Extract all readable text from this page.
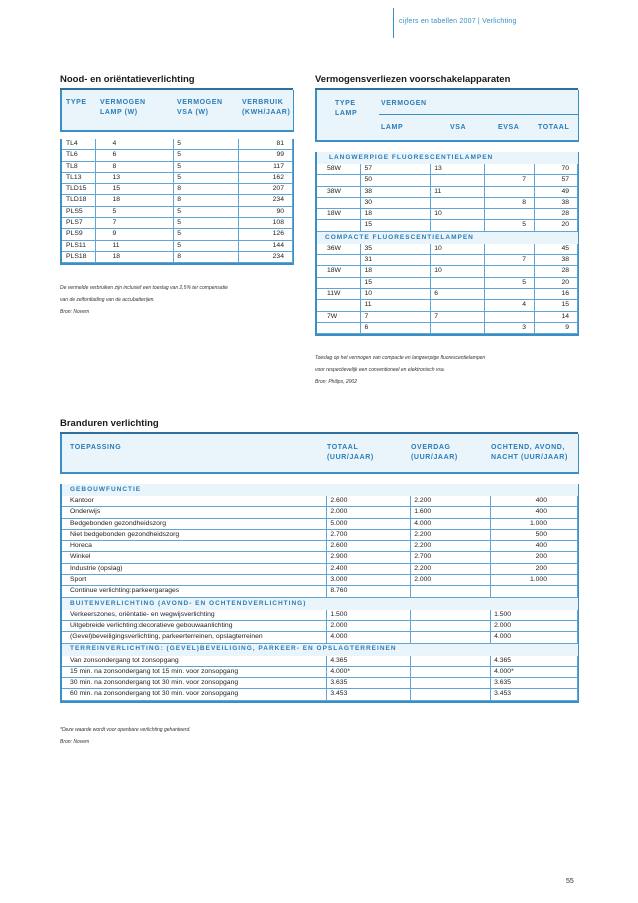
cijfers en tabellen 2007 | Verlichting
Nood- en oriëntatieverlichting
TYPE VERMOGEN
LAMP (W)
VERMOGEN
VSA (W)
VERBRUIK
(KWH/JAAR)
TL4	4	5	81
TL6	6	5	99
TL8	8	5	117
TL13	13	5	162
TLD15	15	8	207
TLD18	18	8	234
PLS5	5	5	90
PLS7	7	5	108
PLS9	9	5	126
PLS11	11	5	144
PLS18	18	8	234
De vermelde verbruiken zijn inclusief een toeslag van 2,5% ter compensatie
van de zelfontlading van de accubatterijen.
Bron: Novem
Vermogensverliezen voorschakelapparaten
TYPE
LAMP
VERMOGEN
LAMP	VSA	EVSA	TOTAAL
LANGWERPIGE FLUORESCENTIELAMPEN				
58W	57	13		70
	50		7	57
38W	38	11		49
	30		8	38
18W	18	10		28
	15		5	20
COMPACTE FLUORESCENTIELAMPEN				
36W	35	10		45
	31		7	38
18W	18	10		28
	15		5	20
11W	10	6		16
	11		4	15
7W	7	7		14
	6		3	9
Toeslag op het vermogen van compacte en langwerpige fluorescentielampen
voor respectievelijk een conventioneel en elektronisch vsa.
Bron: Philips, 2002
Branduren verlichting
TOEPASSING	TOTAAL
(UUR/JAAR)
OVERDAG
(UUR/JAAR)
OCHTEND, AVOND,
NACHT (UUR/JAAR)
GEBOUWFUNCTIE			
Kantoor	2.600	2.200	400
Onderwijs	2.000	1.600	400
Bedgebonden gezondheidszorg	5.000	4.000	1.000
Niet bedgebonden gezondheidszorg	2.700	2.200	500
Horeca	2.600	2.200	400
Winkel	2.900	2.700	200
Industrie (opslag)	2.400	2.200	200
Sport	3.000	2.000	1.000
Continue verlichting:parkeergarages	8.760		
BUITENVERLICHTING (AVOND- EN OCHTENDVERLICHTING)			
Verkeerszones, oriëntatie- en wegwijsverlichting	1.500		1.500
Uitgebreide verlichting:decoratieve gebouwaanlichting	2.000		2.000
(Gevel)beveiligingsverlichting, parkeerterreinen, opslagterreinen	4.000		4.000
TERREINVERLICHTING: (GEVEL)BEVEILIGING, PARKEER- EN OPSLAGTERREINEN			
Van zonsondergang tot zonsopgang	4.365		4.365
15 min. na zonsondergang tot 15 min. voor zonsopgang	4.000*		4.000*
30 min. na zonsondergang tot 30 min. voor zonsopgang	3.635		3.635
60 min. na zonsondergang tot 30 min. voor zonsopgang	3.453		3.453
*Deze waarde wordt voor openbare verlichting gehanteerd.
Bron: Novem
55
